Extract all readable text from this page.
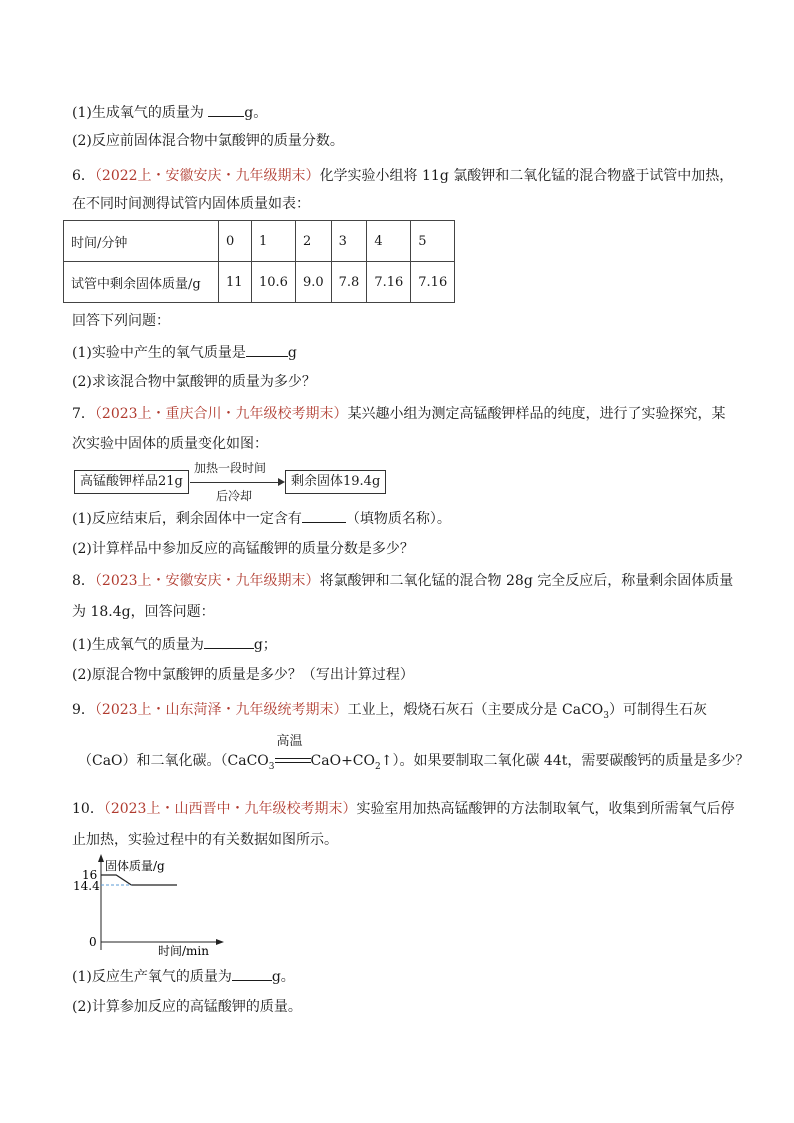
(1)生成氧气的质量为	g。
(2)反应前固体混合物中氯酸钾的质量分数。
6．（2022上・安徽安庆・九年级期末）化学实验小组将 11g 氯酸钾和二氧化锰的混合物盛于试管中加热，
在不同时间测得试管内固体质量如表：
时间/分钟	0	1	2	3	4	5
试管中剩余固体质量/g	11	10.6	9.0	7.8	7.16	7.16
回答下列问题：
(1)实验中产生的氧气质量是	g
(2)求该混合物中氯酸钾的质量为多少？
7．（2023上・重庆合川・九年级校考期末）某兴趣小组为测定高锰酸钾样品的纯度，进行了实验探究，某
次实验中固体的质量变化如图：
高锰酸钾样品21g
加热一段时间
后冷却
剩余固体19.4g
(1)反应结束后，剩余固体中一定含有	（填物质名称）。
(2)计算样品中参加反应的高锰酸钾的质量分数是多少？
8．（2023上・安徽安庆・九年级期末）将氯酸钾和二氧化锰的混合物 28g 完全反应后，称量剩余固体质量
为 18.4g，回答问题：
(1)生成氧气的质量为	g；
(2)原混合物中氯酸钾的质量是多少？（写出计算过程）
9．（2023上・山东菏泽・九年级统考期末）工业上，煅烧石灰石（主要成分是 CaCO$_3$）可制得生石灰
（CaO）和二氧化碳。（CaCO$_3$
高温
$CaO+CO_2↑$）。如果要制取二氧化碳 44t，需要碳酸钙的质量是多少？
10．（2023上・山西晋中・九年级校考期末）实验室用加热高锰酸钾的方法制取氧气，收集到所需氧气后停
止加热，实验过程中的有关数据如图所示。
固体质量/g
时间/min
16
14.4
0
(1)反应生产氧气的质量为	g。
(2)计算参加反应的高锰酸钾的质量。
